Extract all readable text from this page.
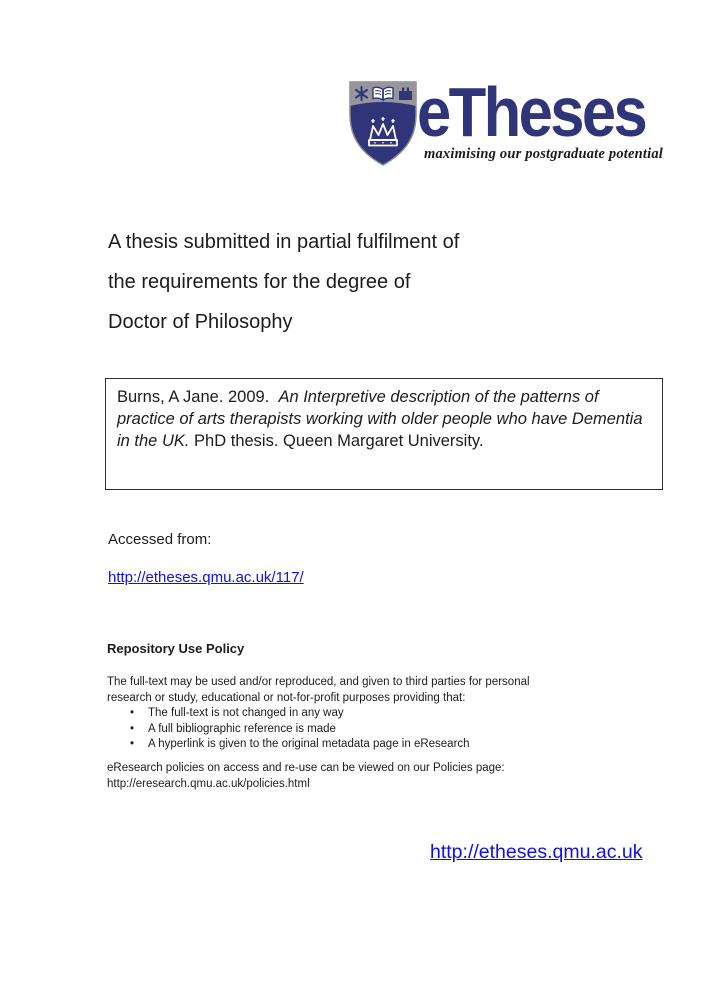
eTheses
maximising our postgraduate potential
A thesis submitted in partial fulfilment of
the requirements for the degree of
Doctor of Philosophy

Burns, A Jane. 2009.  An Interpretive description of the patterns of practice of arts therapists working with older people who have Dementia in the UK. PhD thesis. Queen Margaret University.

Accessed from:
http://etheses.qmu.ac.uk/117/
Repository Use Policy
The full-text may be used and/or reproduced, and given to third parties for personal
research or study, educational or not-for-profit purposes providing that:
• The full-text is not changed in any way
• A full bibliographic reference is made
• A hyperlink is given to the original metadata page in eResearch
eResearch policies on access and re-use can be viewed on our Policies page:
http://eresearch.qmu.ac.uk/policies.html
http://etheses.qmu.ac.uk
